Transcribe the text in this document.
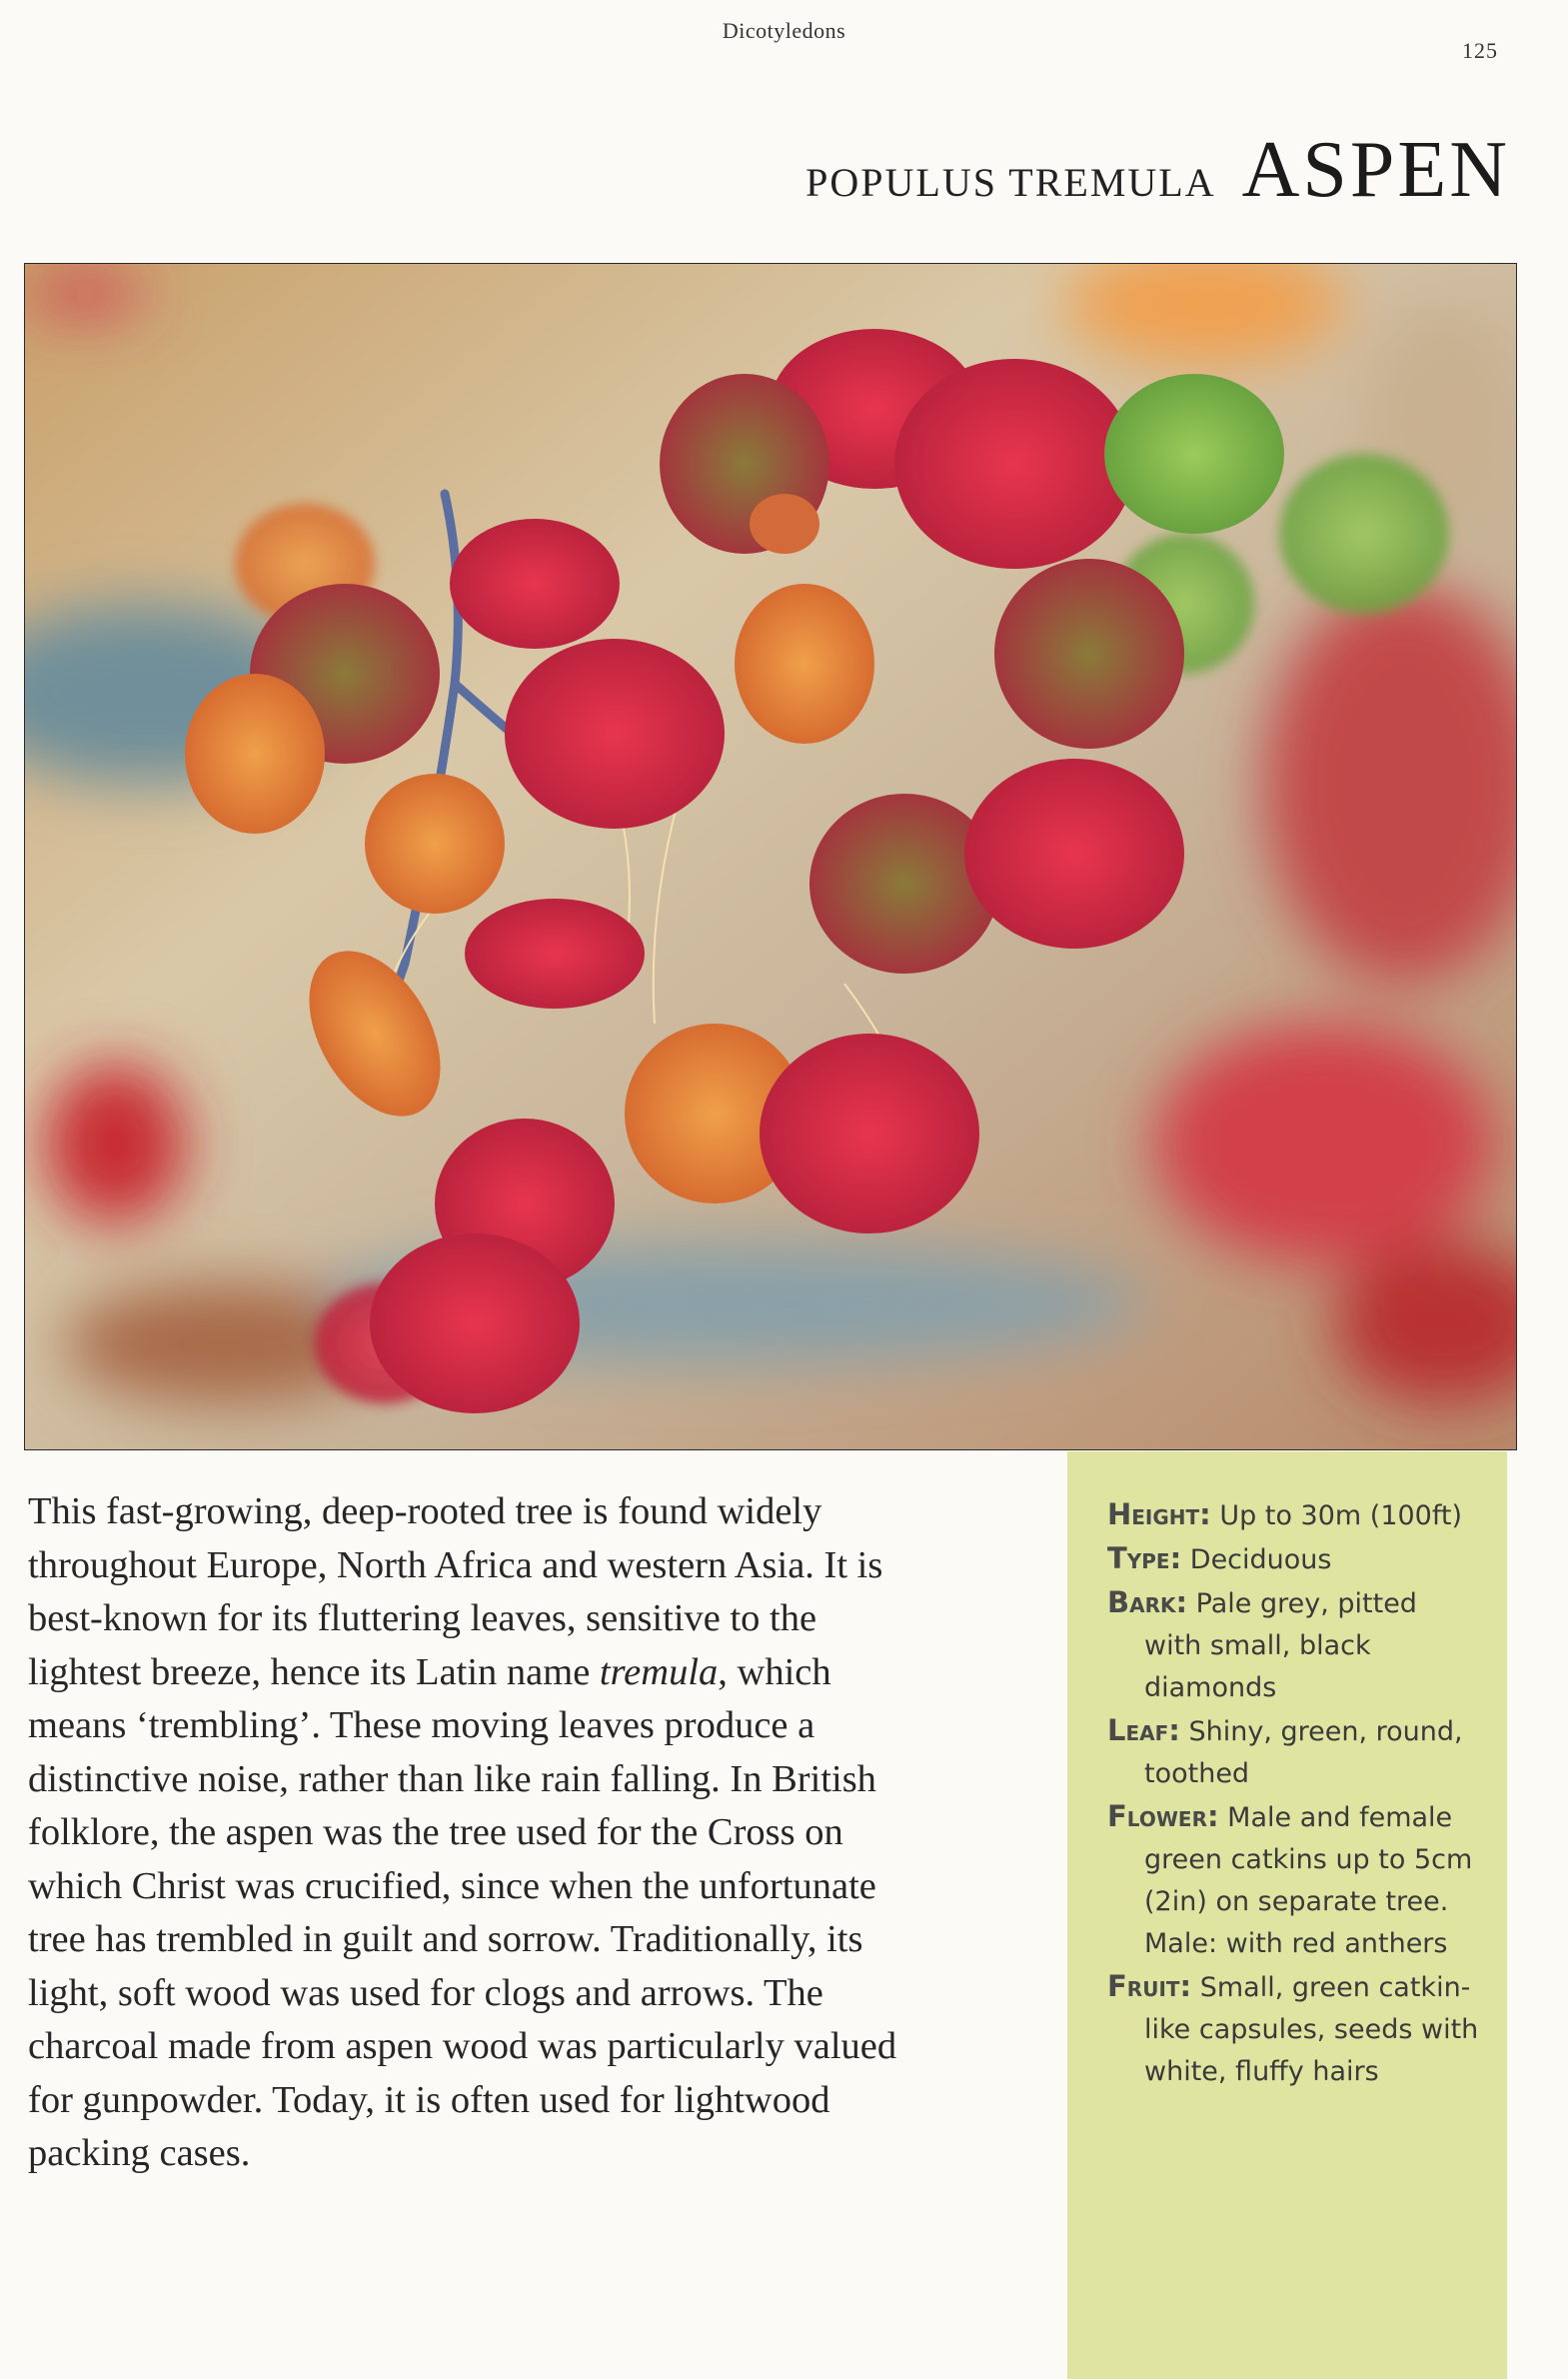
Dicotyledons
125
POPULUS TREMULA ASPEN

This fast-growing, deep-rooted tree is found widely
throughout Europe, North Africa and western Asia. It is
best-known for its fluttering leaves, sensitive to the
lightest breeze, hence its Latin name tremula, which
means ‘trembling’. These moving leaves produce a
distinctive noise, rather than like rain falling. In British
folklore, the aspen was the tree used for the Cross on
which Christ was crucified, since when the unfortunate
tree has trembled in guilt and sorrow. Traditionally, its
light, soft wood was used for clogs and arrows. The
charcoal made from aspen wood was particularly valued
for gunpowder. Today, it is often used for lightwood
packing cases.

Height: Up to 30m (100ft)
Type: Deciduous
Bark: Pale grey, pitted
with small, black
diamonds
Leaf: Shiny, green, round,
toothed
Flower: Male and female
green catkins up to 5cm
(2in) on separate tree.
Male: with red anthers
Fruit: Small, green catkin-
like capsules, seeds with
white, fluffy hairs
